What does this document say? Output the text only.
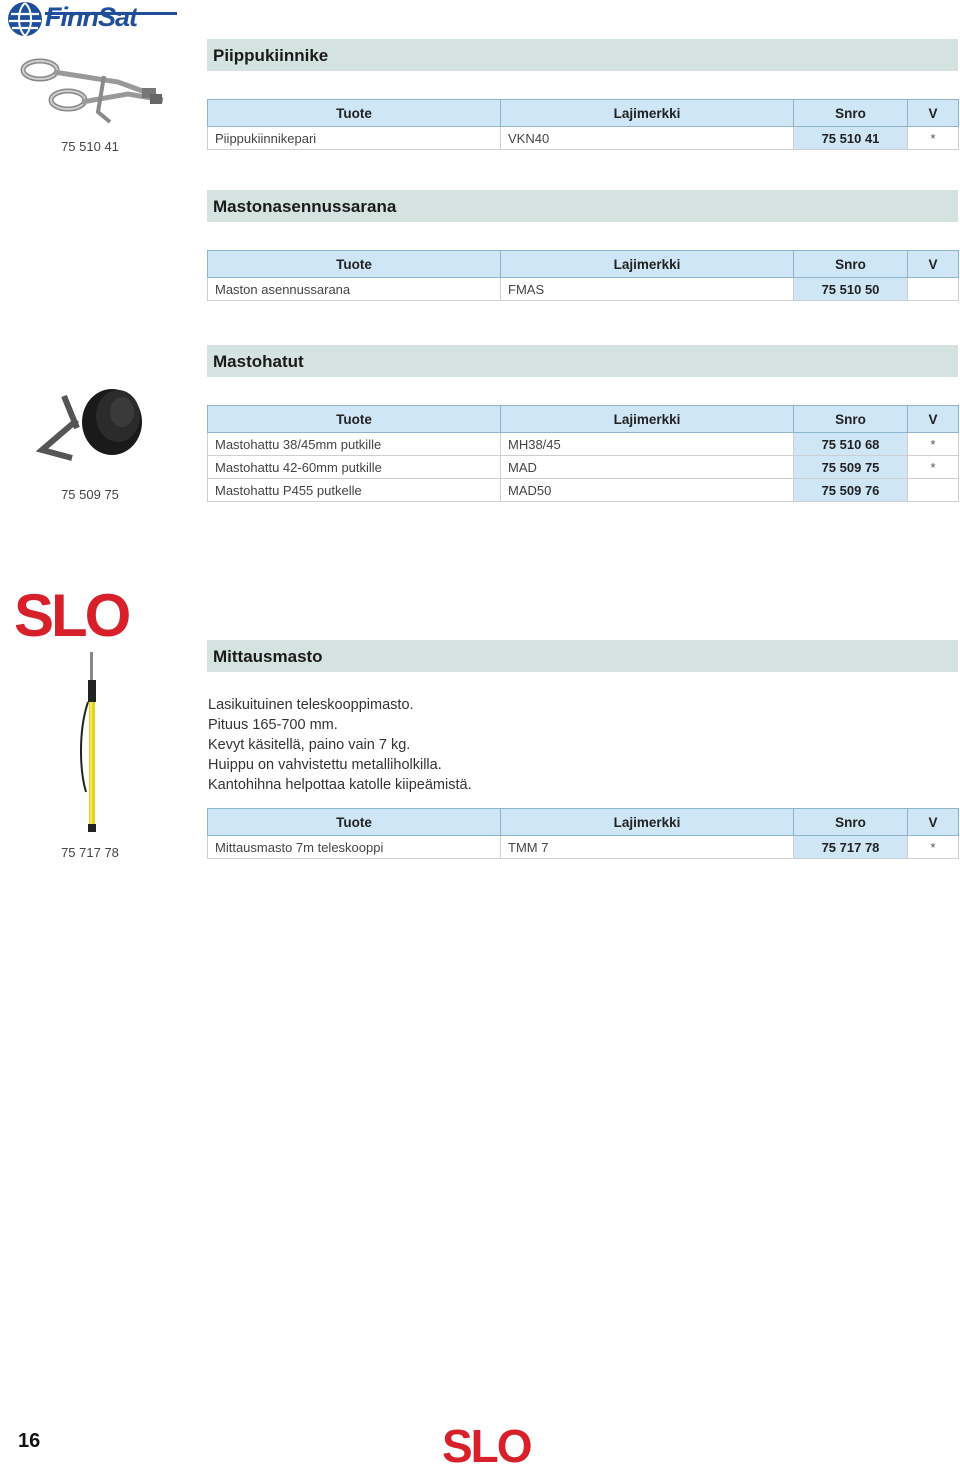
FinnSat
75 510 41
Piippukiinnike
Tuote	Lajimerkki	Snro	V
Piippukiinnikepari	VKN40	75 510 41	*
Mastonasennussarana
Tuote	Lajimerkki	Snro	V
Maston asennussarana	FMAS	75 510 50	
75 509 75
Mastohatut
Tuote	Lajimerkki	Snro	V
Mastohattu 38/45mm putkille	MH38/45	75 510 68	*
Mastohattu 42-60mm putkille	MAD	75 509 75	*
Mastohattu P455 putkelle	MAD50	75 509 76	
SLO
75 717 78
Mittausmasto
Lasikuituinen teleskooppimasto.
Pituus 165-700 mm.
Kevyt käsitellä, paino vain 7 kg.
Huippu on vahvistettu metalliholkilla.
Kantohihna helpottaa katolle kiipeämistä.
Tuote	Lajimerkki	Snro	V
Mittausmasto 7m teleskooppi	TMM 7	75 717 78	*
16	SLO
